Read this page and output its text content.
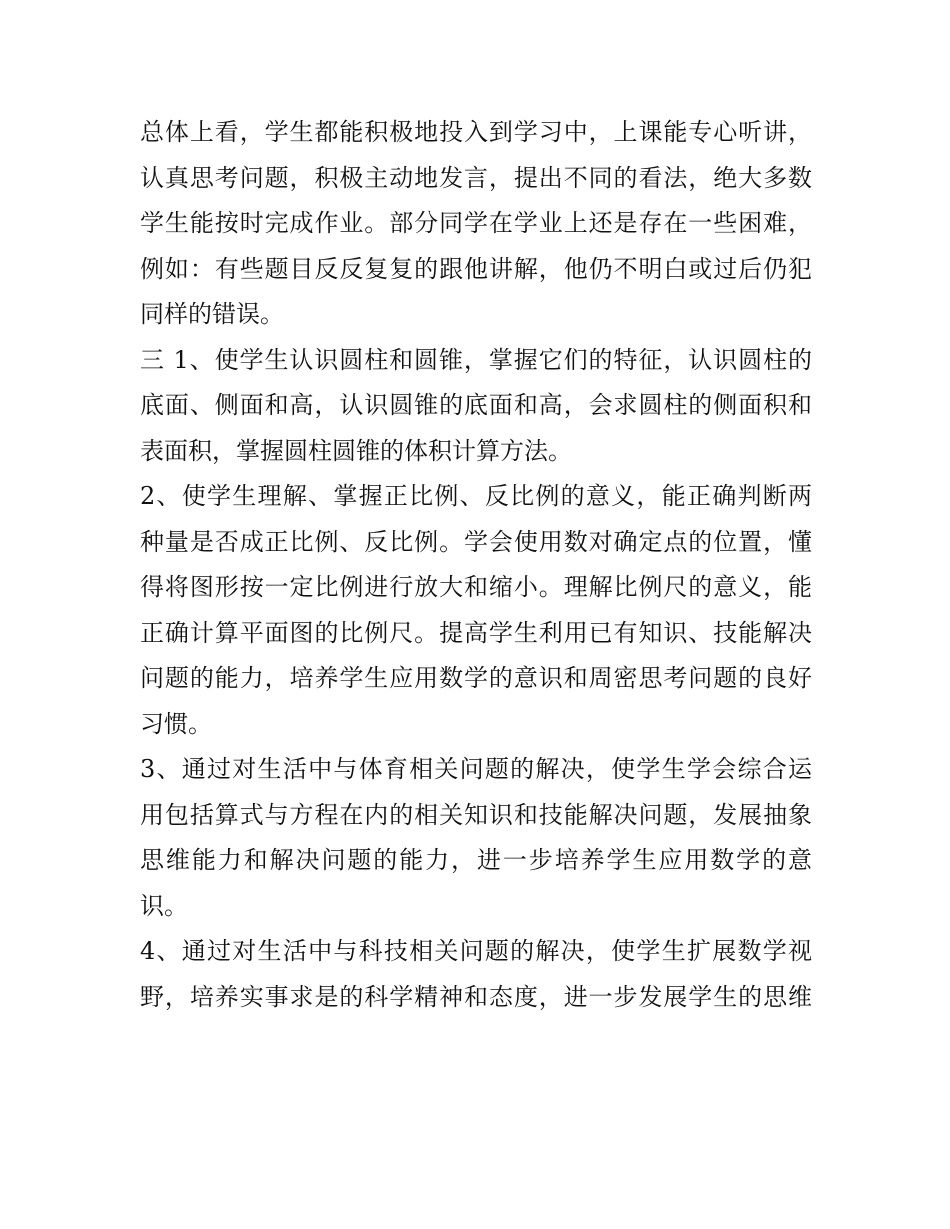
总体上看，学生都能积极地投入到学习中，上课能专心听讲，
认真思考问题，积极主动地发言，提出不同的看法，绝大多数
学生能按时完成作业。部分同学在学业上还是存在一些困难，
例如：有些题目反反复复的跟他讲解，他仍不明白或过后仍犯
同样的错误。
三 1、使学生认识圆柱和圆锥，掌握它们的特征，认识圆柱的
底面、侧面和高，认识圆锥的底面和高，会求圆柱的侧面积和
表面积，掌握圆柱圆锥的体积计算方法。
2、使学生理解、掌握正比例、反比例的意义，能正确判断两
种量是否成正比例、反比例。学会使用数对确定点的位置，懂
得将图形按一定比例进行放大和缩小。理解比例尺的意义，能
正确计算平面图的比例尺。提高学生利用已有知识、技能解决
问题的能力，培养学生应用数学的意识和周密思考问题的良好
习惯。
3、通过对生活中与体育相关问题的解决，使学生学会综合运
用包括算式与方程在内的相关知识和技能解决问题，发展抽象
思维能力和解决问题的能力，进一步培养学生应用数学的意
识。
4、通过对生活中与科技相关问题的解决，使学生扩展数学视
野，培养实事求是的科学精神和态度，进一步发展学生的思维
